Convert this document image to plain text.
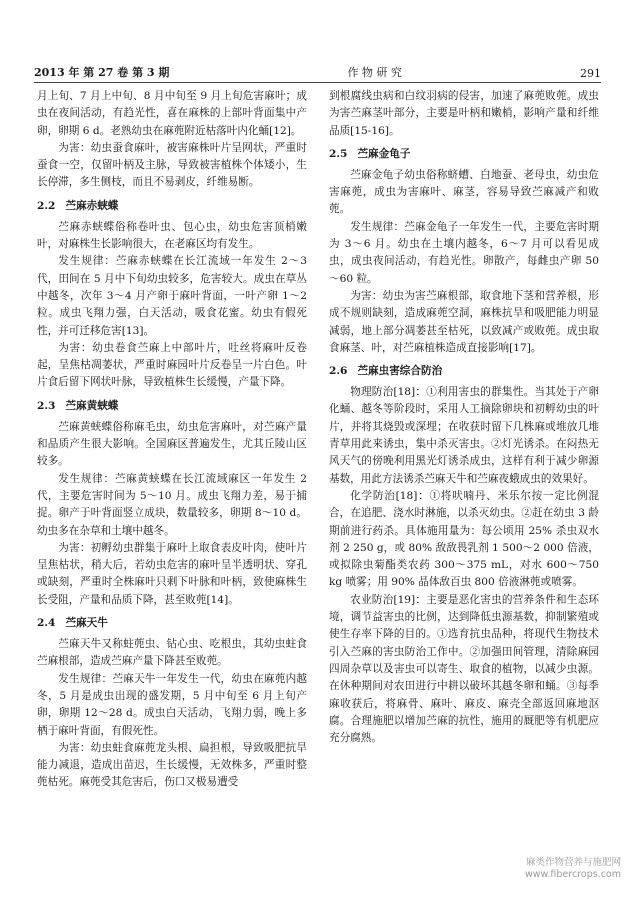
2013 年 第 27 卷 第 3 期	作 物 研 究	291

月上旬、7 月上中旬、8 月中旬至 9 月上旬危害麻叶；成虫在夜间活动，有趋光性，喜在麻株的上部叶背面集中产卵，卵期 6 d。老熟幼虫在麻蔸附近枯落叶内化蛹[12]。

为害：幼虫蚕食麻叶，被害麻株叶片呈网状，严重时蚕食一空，仅留叶柄及主脉，导致被害植株个体矮小，生长停滞，多生侧枝，而且不易剥皮，纤维易断。

2.2 苎麻赤蛱蝶

苎麻赤蛱蝶俗称卷叶虫、包心虫，幼虫危害顶梢嫩叶，对麻株生长影响很大，在老麻区均有发生。

发生规律：苎麻赤蛱蝶在长江流域一年发生 2～3 代，田间在 5 月中下旬幼虫较多，危害较大。成虫在草丛中越冬，次年 3～4 月产卵于麻叶背面，一叶产卵 1～2 粒。成虫飞翔力强，白天活动，吸食花蜜。幼虫有假死性，并可迁移危害[13]。

为害：幼虫卷食苎麻上中部叶片，吐丝将麻叶反卷起，呈焦枯凋萎状，严重时麻园叶片反卷呈一片白色。叶片食后留下网状叶脉，导致植株生长缓慢，产量下降。

2.3 苎麻黄蛱蝶

苎麻黄蛱蝶俗称麻毛虫，幼虫危害麻叶，对苎麻产量和品质产生很大影响。全国麻区普遍发生，尤其丘陵山区较多。

发生规律：苎麻黄蛱蝶在长江流域麻区一年发生 2 代，主要危害时间为 5～10 月。成虫飞翔力差，易于捕捉。卵产于叶背面竖立成块，数量较多，卵期 8～10 d。幼虫多在杂草和土壤中越冬。

为害：初孵幼虫群集于麻叶上取食表皮叶肉，使叶片呈焦枯状，稍大后，若幼虫危害的麻叶呈半透明状、穿孔或缺刻，严重时全株麻叶只剩下叶脉和叶柄，致使麻株生长受阻，产量和品质下降，甚至败蔸[14]。

2.4 苎麻天牛

苎麻天牛又称蛀蔸虫、钻心虫、吃根虫，其幼虫蛀食苎麻根部，造成苎麻产量下降甚至败蔸。

发生规律：苎麻天牛一年发生一代，幼虫在麻蔸内越冬，5 月是成虫出现的盛发期，5 月中旬至 6 月上旬产卵，卵期 12～28 d。成虫白天活动，飞翔力弱，晚上多栖于麻叶背面，有假死性。

为害：幼虫蛀食麻蔸龙头根、扁担根，导致吸肥抗旱能力减退，造成出苗迟，生长缓慢，无效株多，严重时整蔸枯死。麻蔸受其危害后，伤口又极易遭受

到根腐线虫病和白纹羽病的侵害，加速了麻蔸败蔸。成虫为害苎麻茎叶部分，主要是叶柄和嫩梢，影响产量和纤维品质[15-16]。

2.5 苎麻金龟子

苎麻金龟子幼虫俗称蛴螬、白地蚕、老母虫，幼虫危害麻蔸，成虫为害麻叶、麻茎，容易导致苎麻减产和败蔸。

发生规律：苎麻金龟子一年发生一代，主要危害时期为 3～6 月。幼虫在土壤内越冬，6～7 月可以看见成虫，成虫夜间活动，有趋光性。卵散产，每雌虫产卵 50～60 粒。

为害：幼虫为害苎麻根部，取食地下茎和营养根，形成不规则缺刻，造成麻蔸空洞，麻株抗旱和吸肥能力明显减弱，地上部分凋萎甚至枯死，以致减产或败蔸。成虫取食麻茎、叶，对苎麻植株造成直接影响[17]。

2.6 苎麻虫害综合防治

物理防治[18]：①利用害虫的群集性。当其处于产卵化蛹、越冬等阶段时，采用人工摘除卵块和初孵幼虫的叶片，并将其烧毁或深埋；在收获时留下几株麻或堆放几堆青草用此来诱虫，集中杀灭害虫。②灯光诱杀。在闷热无风天气的傍晚利用黑光灯诱杀成虫，这样有利于减少卵源基数，用此方法诱杀苎麻天牛和苎麻夜蛾成虫的效果好。

化学防治[18]：①将吠喃丹、米乐尔按一定比例混合，在追肥、浇水时淋施，以杀灭幼虫。②赶在幼虫 3 龄期前进行药杀。具体施用量为：每公顷用 25% 杀虫双水剂 2 250 g，或 80% 敌敌畏乳剂 1 500～2 000 倍液，或拟除虫菊酯类农药 300～375 mL，对水 600～750 kg 喷雾；用 90% 晶体敌百虫 800 倍液淋蔸或喷雾。

农业防治[19]：主要是恶化害虫的营养条件和生态环境，调节益害虫的比例，达到降低虫源基数，抑制繁殖或使生存率下降的目的。①选育抗虫品种，将现代生物技术引入苎麻的害虫防治工作中。②加强田间管理，清除麻园四周杂草以及害虫可以寄生、取食的植物，以减少虫源。在休种期间对农田进行中耕以破坏其越冬卵和蛹。③每季麻收获后，将麻骨、麻叶、麻皮、麻壳全部返回麻地沤腐。合理施肥以增加苎麻的抗性，施用的厩肥等有机肥应充分腐熟。

麻类作物营养与施肥网
www.fibercrops.com
